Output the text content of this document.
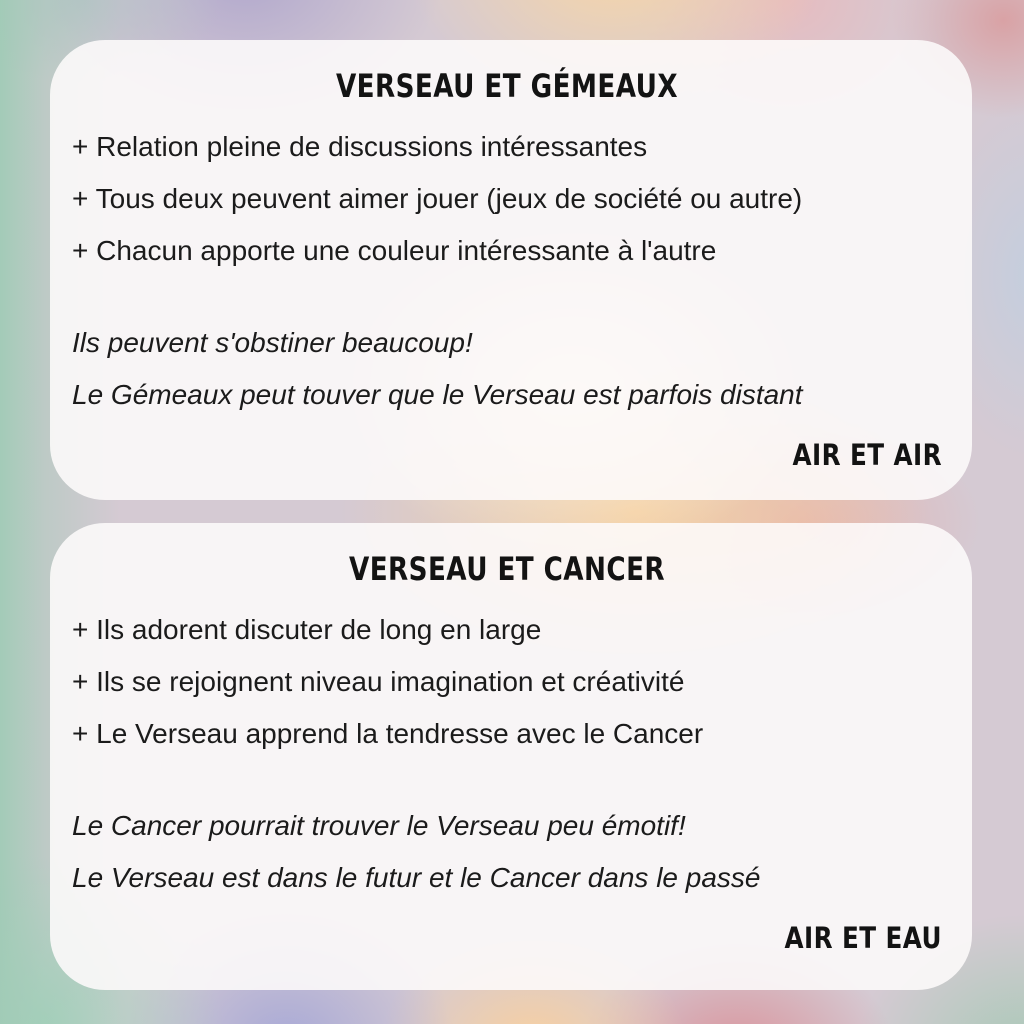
VERSEAU ET GÉMEAUX
+ Relation pleine de discussions intéressantes
+ Tous deux peuvent aimer jouer (jeux de société ou autre)
+ Chacun apporte une couleur intéressante à l'autre
Ils peuvent s'obstiner beaucoup!
Le Gémeaux peut touver que le Verseau est parfois distant
AIR ET AIR
VERSEAU ET CANCER
+ Ils adorent discuter de long en large
+ Ils se rejoignent niveau imagination et créativité
+ Le Verseau apprend la tendresse avec le Cancer
Le Cancer pourrait trouver le Verseau peu émotif!
Le Verseau est dans le futur et le Cancer dans le passé
AIR ET EAU
